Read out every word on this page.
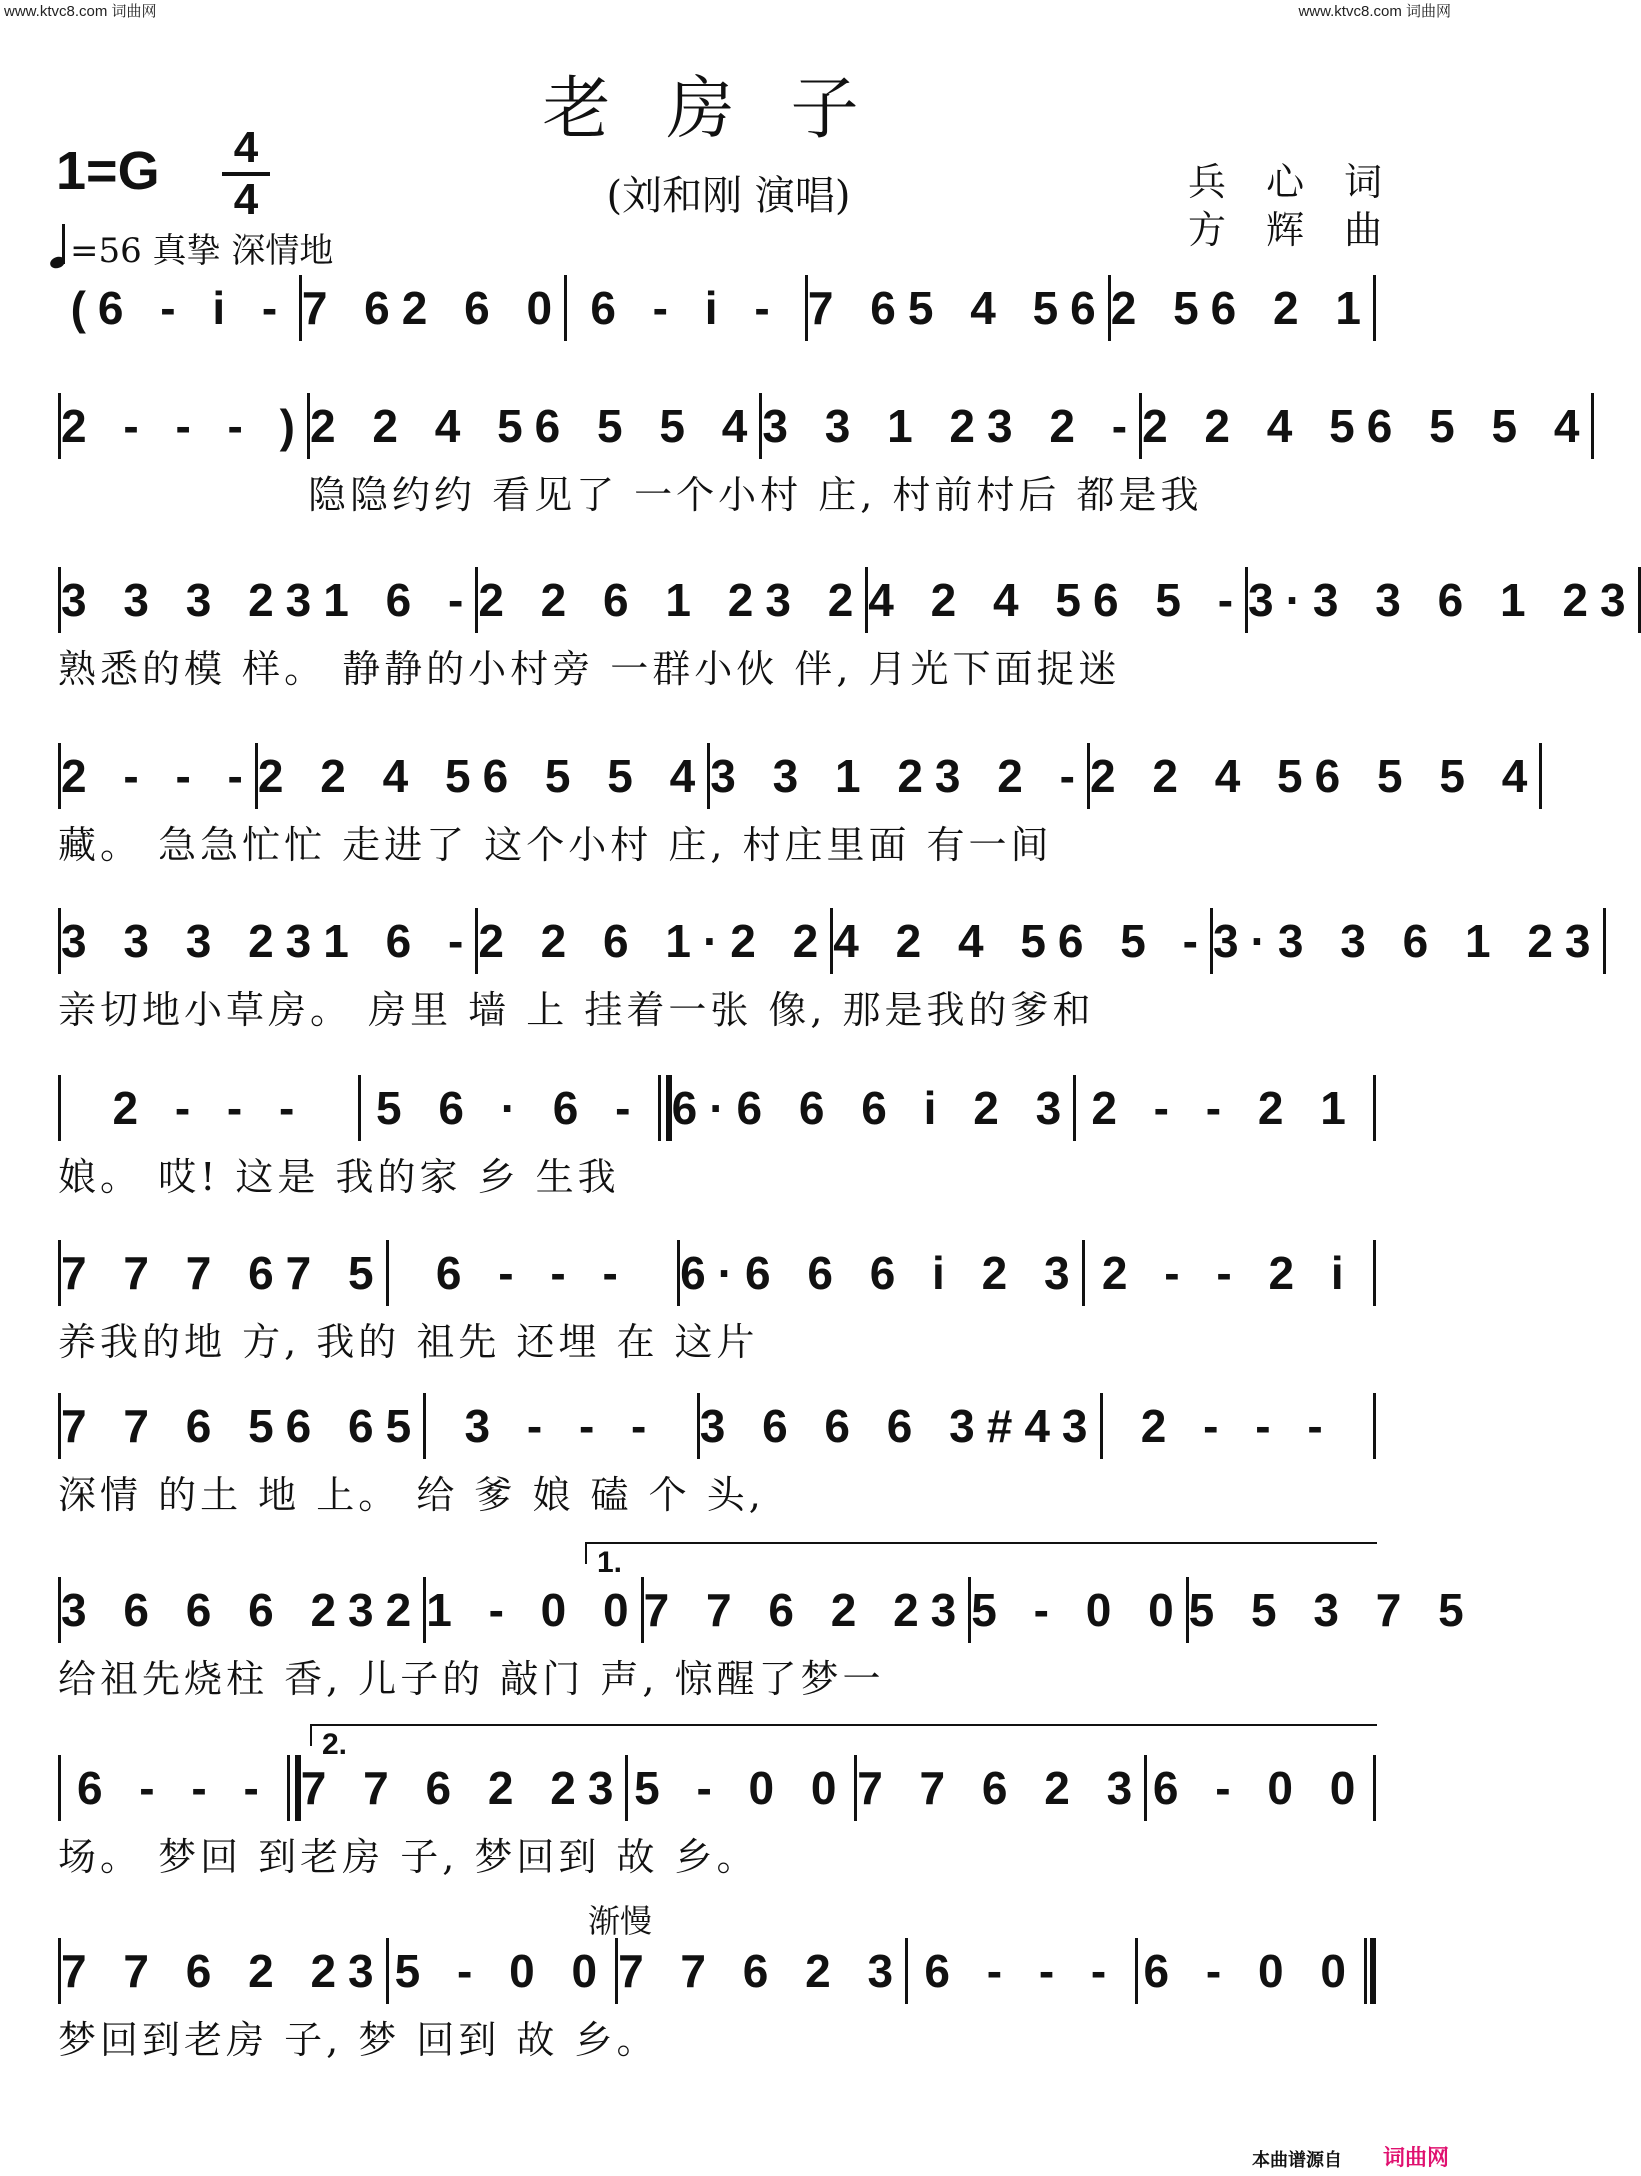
www.ktvc8.com 词曲网	www.ktvc8.com 词曲网
老房子
(刘和刚 演唱)
1=G 4
4
=56 真挚 深情地
兵 心 词
方 辉 曲
(6 - i - 7 62 6 0 6 - i - 7 65 4 56 2 56 2 1
2 - - - ) 2 2 4 56 5 5 4 3 3 1 23 2 - 2 2 4 56 5 5 4
隐隐约约 看见了 一个小村 庄, 村前村后 都是我
3 3 3 231 6 - 2 2 6 1 23 2 4 2 4 56 5 - 3·3 3 6 1 23
熟悉的模 样。 静静的小村旁 一群小伙 伴, 月光下面捉迷
2 - - - 2 2 4 56 5 5 4 3 3 1 23 2 - 2 2 4 56 5 5 4
藏。 急急忙忙 走进了 这个小村 庄, 村庄里面 有一间
3 3 3 231 6 - 2 2 6 1·2 2 4 2 4 56 5 - 3·3 3 6 1 23
亲切地小草房。 房里 墙 上 挂着一张 像, 那是我的爹和
2 - - -	5 6 · 6 - 6·6 6 6 i 2 3 2 - - 2 1
娘。 哎! 这是 我的家 乡 生我
7 7 7 67 5	6 - - -	6·6 6 6 i 2 3 2 - - 2 i
养我的地 方, 我的 祖先 还埋 在 这片
7 7 6 56 65 3 - - - 3 6 6 6 3#43 2 - - -
深情 的土 地 上。 给 爹 娘 磕 个 头,
3 6 6 6 232 1 - 0 0 7 7 6 2 23 5 - 0 0 5 5 3 7 5
给祖先烧柱 香, 儿子的 敲门 声, 惊醒了梦一
6 - - - 7 7 6 2 23 5 - 0 0 7 7 6 2 3 6 - 0 0
场。 梦回 到老房 子, 梦回到 故 乡。
7 7 6 2 23 5 - 0 0 7 7 6 2 3 6 - - - 6 - 0 0
梦回到老房 子, 梦 回到 故 乡。
1.
2.
渐慢
本曲谱源自 词曲网
